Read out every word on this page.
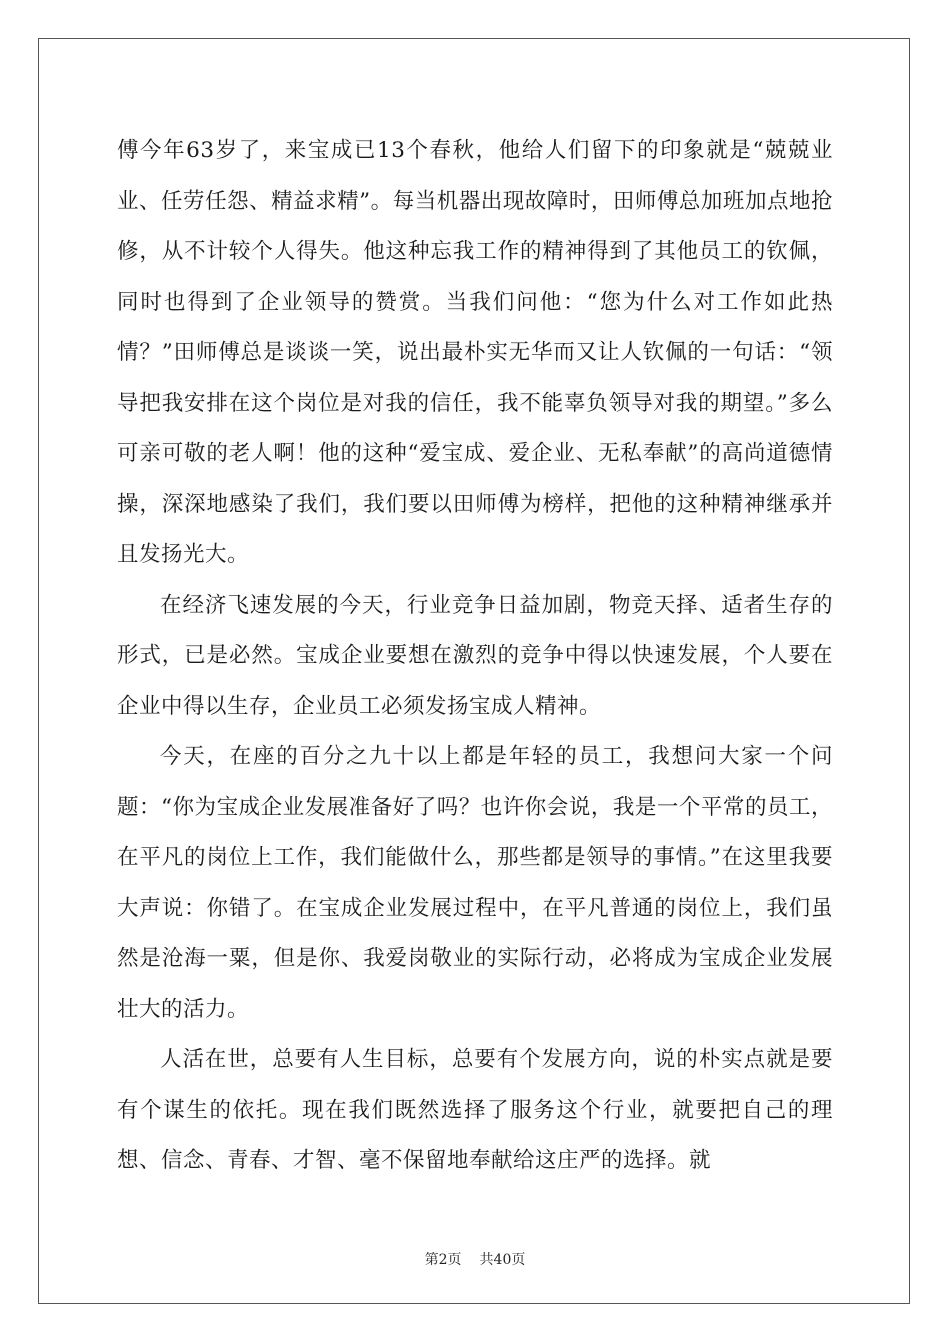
傅今年63岁了，来宝成已13个春秋，他给人们留下的印象就是“兢兢业业、任劳任怨、精益求精”。每当机器出现故障时，田师傅总加班加点地抢修，从不计较个人得失。他这种忘我工作的精神得到了其他员工的钦佩，同时也得到了企业领导的赞赏。当我们问他：“您为什么对工作如此热情？”田师傅总是谈谈一笑，说出最朴实无华而又让人钦佩的一句话：“领导把我安排在这个岗位是对我的信任，我不能辜负领导对我的期望。”多么可亲可敬的老人啊！他的这种“爱宝成、爱企业、无私奉献”的高尚道德情操，深深地感染了我们，我们要以田师傅为榜样，把他的这种精神继承并且发扬光大。

在经济飞速发展的今天，行业竞争日益加剧，物竞天择、适者生存的形式，已是必然。宝成企业要想在激烈的竞争中得以快速发展，个人要在企业中得以生存，企业员工必须发扬宝成人精神。

今天，在座的百分之九十以上都是年轻的员工，我想问大家一个问题：“你为宝成企业发展准备好了吗？也许你会说，我是一个平常的员工，在平凡的岗位上工作，我们能做什么，那些都是领导的事情。”在这里我要大声说：你错了。在宝成企业发展过程中，在平凡普通的岗位上，我们虽然是沧海一粟，但是你、我爱岗敬业的实际行动，必将成为宝成企业发展壮大的活力。

人活在世，总要有人生目标，总要有个发展方向，说的朴实点就是要有个谋生的依托。现在我们既然选择了服务这个行业，就要把自己的理想、信念、青春、才智、毫不保留地奉献给这庄严的选择。就

第2页 共40页
